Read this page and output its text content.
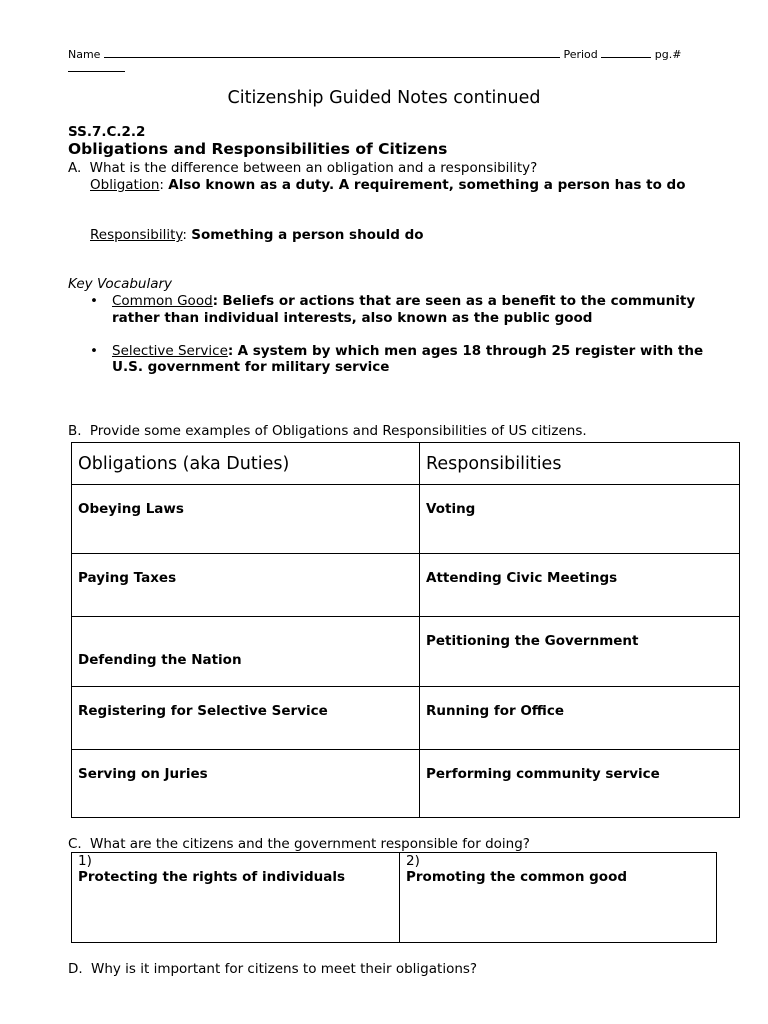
Name	Period	pg.#
Citizenship Guided Notes continued
SS.7.C.2.2
Obligations and Responsibilities of Citizens
A. What is the difference between an obligation and a responsibility?
Obligation: Also known as a duty. A requirement, something a person has to do
Responsibility: Something a person should do
Key Vocabulary
• Common Good: Beliefs or actions that are seen as a benefit to the community
rather than individual interests, also known as the public good
• Selective Service: A system by which men ages 18 through 25 register with the
U.S. government for military service
B. Provide some examples of Obligations and Responsibilities of US citizens.
Obligations (aka Duties)	Responsibilities
Obeying Laws	Voting
Paying Taxes	Attending Civic Meetings
Defending the Nation	Petitioning the Government
Registering for Selective Service	Running for Office
Serving on Juries	Performing community service
C. What are the citizens and the government responsible for doing?
1)
Protecting the rights of individuals

2)
Promoting the common good
D. Why is it important for citizens to meet their obligations?
